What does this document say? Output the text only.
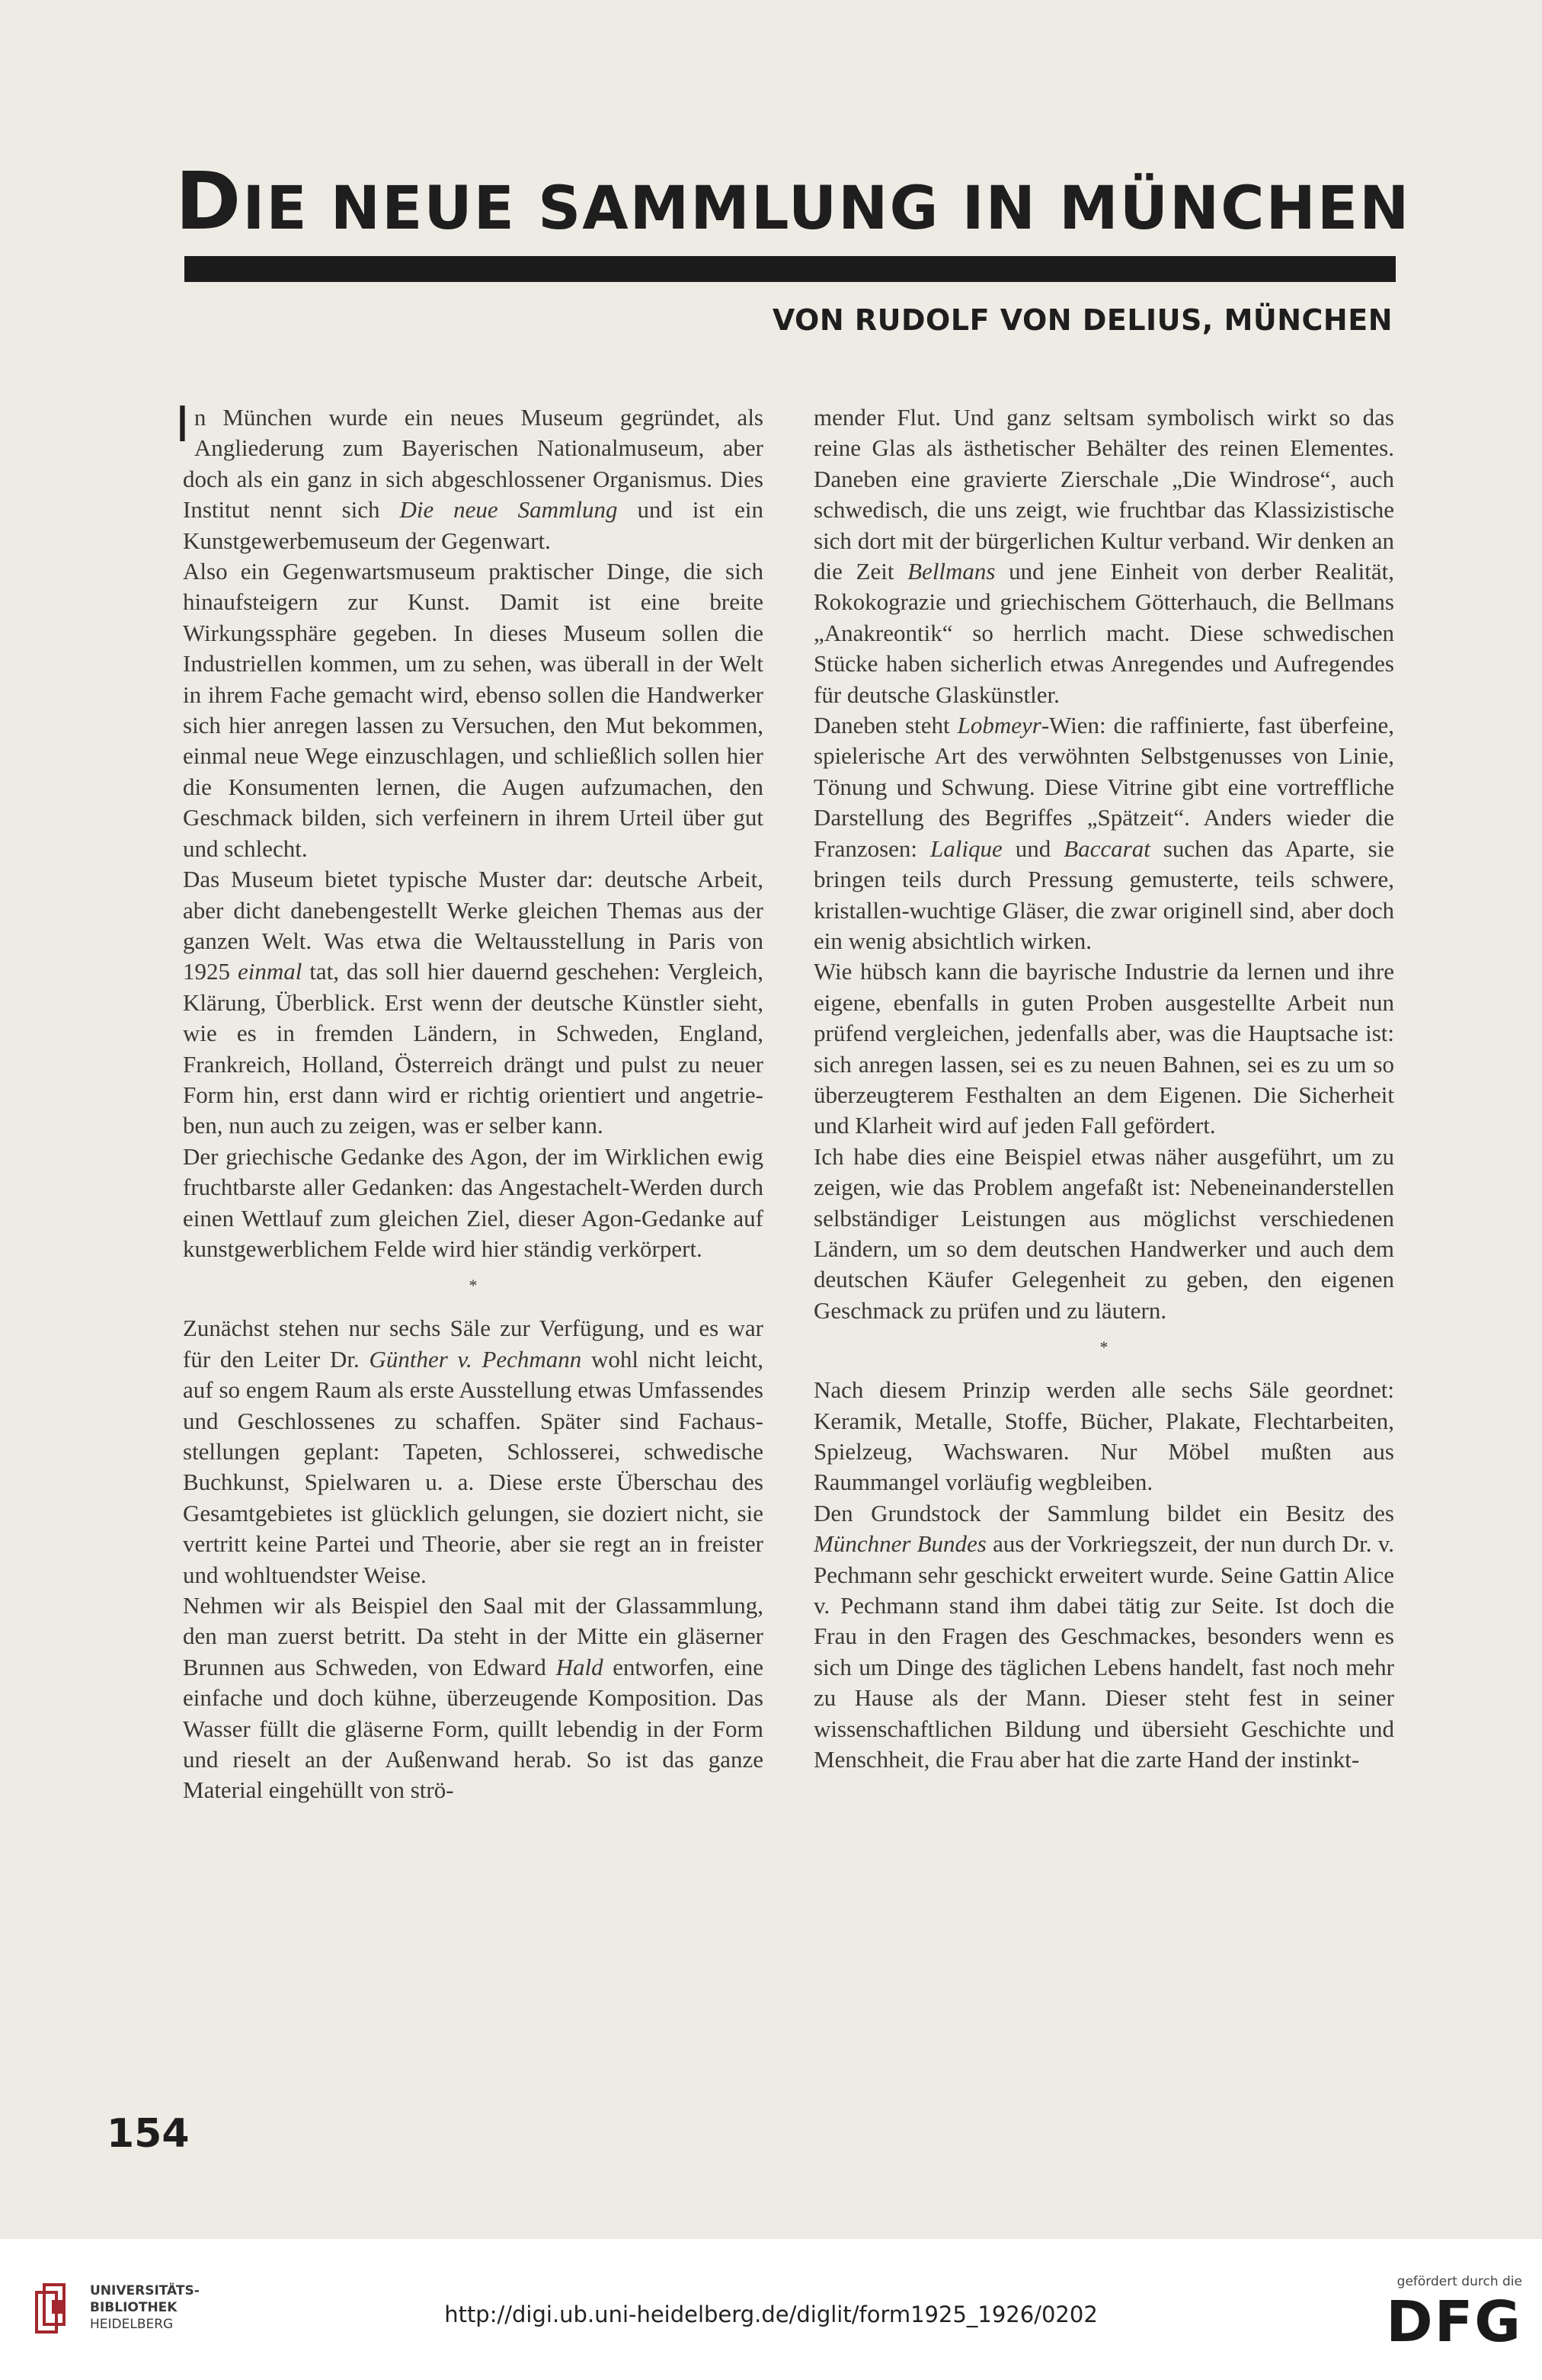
DIE NEUE SAMMLUNG IN MÜNCHEN
VON RUDOLF VON DELIUS, MÜNCHEN

In München wurde ein neues Museum gegründet, als Angliederung zum Bayerischen Nationalmuseum, aber doch als ein ganz in sich abgeschlossener Organismus. Dies Institut nennt sich Die neue Sammlung und ist ein Kunstgewerbemuseum der Gegenwart.

Also ein Gegenwartsmuseum praktischer Dinge, die sich hinaufsteigern zur Kunst. Damit ist eine breite Wirkungssphäre gegeben. In dieses Museum sollen die Industriellen kommen, um zu sehen, was überall in der Welt in ihrem Fache gemacht wird, ebenso sollen die Handwerker sich hier anregen lassen zu Versuchen, den Mut bekommen, einmal neue Wege einzuschlagen, und schließlich sollen hier die Konsumenten lernen, die Augen aufzumachen, den Geschmack bilden, sich verfeinern in ihrem Urteil über gut und schlecht.

Das Museum bietet typische Muster dar: deutsche Arbeit, aber dicht danebengestellt Werke gleichen Themas aus der ganzen Welt. Was etwa die Weltausstellung in Paris von 1925 einmal tat, das soll hier dauernd geschehen: Vergleich, Klärung, Überblick. Erst wenn der deutsche Künstler sieht, wie es in fremden Ländern, in Schweden, England, Frankreich, Holland, Österreich drängt und pulst zu neuer Form hin, erst dann wird er richtig orientiert und angetrieben, nun auch zu zeigen, was er selber kann.

Der griechische Gedanke des Agon, der im Wirklichen ewig fruchtbarste aller Gedanken: das Angestachelt-Werden durch einen Wettlauf zum gleichen Ziel, dieser Agon-Gedanke auf kunstgewerblichem Felde wird hier ständig verkörpert.

*

Zunächst stehen nur sechs Säle zur Verfügung, und es war für den Leiter Dr. Günther v. Pechmann wohl nicht leicht, auf so engem Raum als erste Ausstellung etwas Umfassendes und Geschlossenes zu schaffen. Später sind Fachausstellungen geplant: Tapeten, Schlosserei, schwedische Buchkunst, Spielwaren u. a. Diese erste Überschau des Gesamtgebietes ist glücklich gelungen, sie doziert nicht, sie vertritt keine Partei und Theorie, aber sie regt an in freister und wohltuendster Weise.

Nehmen wir als Beispiel den Saal mit der Glassammlung, den man zuerst betritt. Da steht in der Mitte ein gläserner Brunnen aus Schweden, von Edward Hald entworfen, eine einfache und doch kühne, überzeugende Komposition. Das Wasser füllt die gläserne Form, quillt lebendig in der Form und rieselt an der Außenwand herab. So ist das ganze Material eingehüllt von strö-

mender Flut. Und ganz seltsam symbolisch wirkt so das reine Glas als ästhetischer Behälter des reinen Elementes. Daneben eine gravierte Zierschale „Die Windrose“, auch schwedisch, die uns zeigt, wie fruchtbar das Klassizistische sich dort mit der bürgerlichen Kultur verband. Wir denken an die Zeit Bellmans und jene Einheit von derber Realität, Rokokograzie und griechischem Götterhauch, die Bellmans „Anakreontik“ so herrlich macht. Diese schwedischen Stücke haben sicherlich etwas Anregendes und Aufregendes für deutsche Glaskünstler.

Daneben steht Lobmeyr-Wien: die raffinierte, fast überfeine, spielerische Art des verwöhnten Selbstgenusses von Linie, Tönung und Schwung. Diese Vitrine gibt eine vortreffliche Darstellung des Begriffes „Spätzeit“. Anders wieder die Franzosen: Lalique und Baccarat suchen das Aparte, sie bringen teils durch Pressung gemusterte, teils schwere, kristallen-wuchtige Gläser, die zwar originell sind, aber doch ein wenig absichtlich wirken.

Wie hübsch kann die bayrische Industrie da lernen und ihre eigene, ebenfalls in guten Proben ausgestellte Arbeit nun prüfend vergleichen, jedenfalls aber, was die Hauptsache ist: sich anregen lassen, sei es zu neuen Bahnen, sei es zu um so überzeugterem Festhalten an dem Eigenen. Die Sicherheit und Klarheit wird auf jeden Fall gefördert.

Ich habe dies eine Beispiel etwas näher ausgeführt, um zu zeigen, wie das Problem angefaßt ist: Nebeneinanderstellen selbständiger Leistungen aus möglichst verschiedenen Ländern, um so dem deutschen Handwerker und auch dem deutschen Käufer Gelegenheit zu geben, den eigenen Geschmack zu prüfen und zu läutern.

*

Nach diesem Prinzip werden alle sechs Säle geordnet: Keramik, Metalle, Stoffe, Bücher, Plakate, Flechtarbeiten, Spielzeug, Wachswaren. Nur Möbel mußten aus Raummangel vorläufig wegbleiben.

Den Grundstock der Sammlung bildet ein Besitz des Münchner Bundes aus der Vorkriegszeit, der nun durch Dr. v. Pechmann sehr geschickt erweitert wurde. Seine Gattin Alice v. Pechmann stand ihm dabei tätig zur Seite. Ist doch die Frau in den Fragen des Geschmackes, besonders wenn es sich um Dinge des täglichen Lebens handelt, fast noch mehr zu Hause als der Mann. Dieser steht fest in seiner wissenschaftlichen Bildung und übersieht Geschichte und Menschheit, die Frau aber hat die zarte Hand der instinkt-

154
UNIVERSITÄTS-
BIBLIOTHEK
HEIDELBERG	http://digi.ub.uni-heidelberg.de/diglit/form1925_1926/0202
gefördert durch die
DFG
